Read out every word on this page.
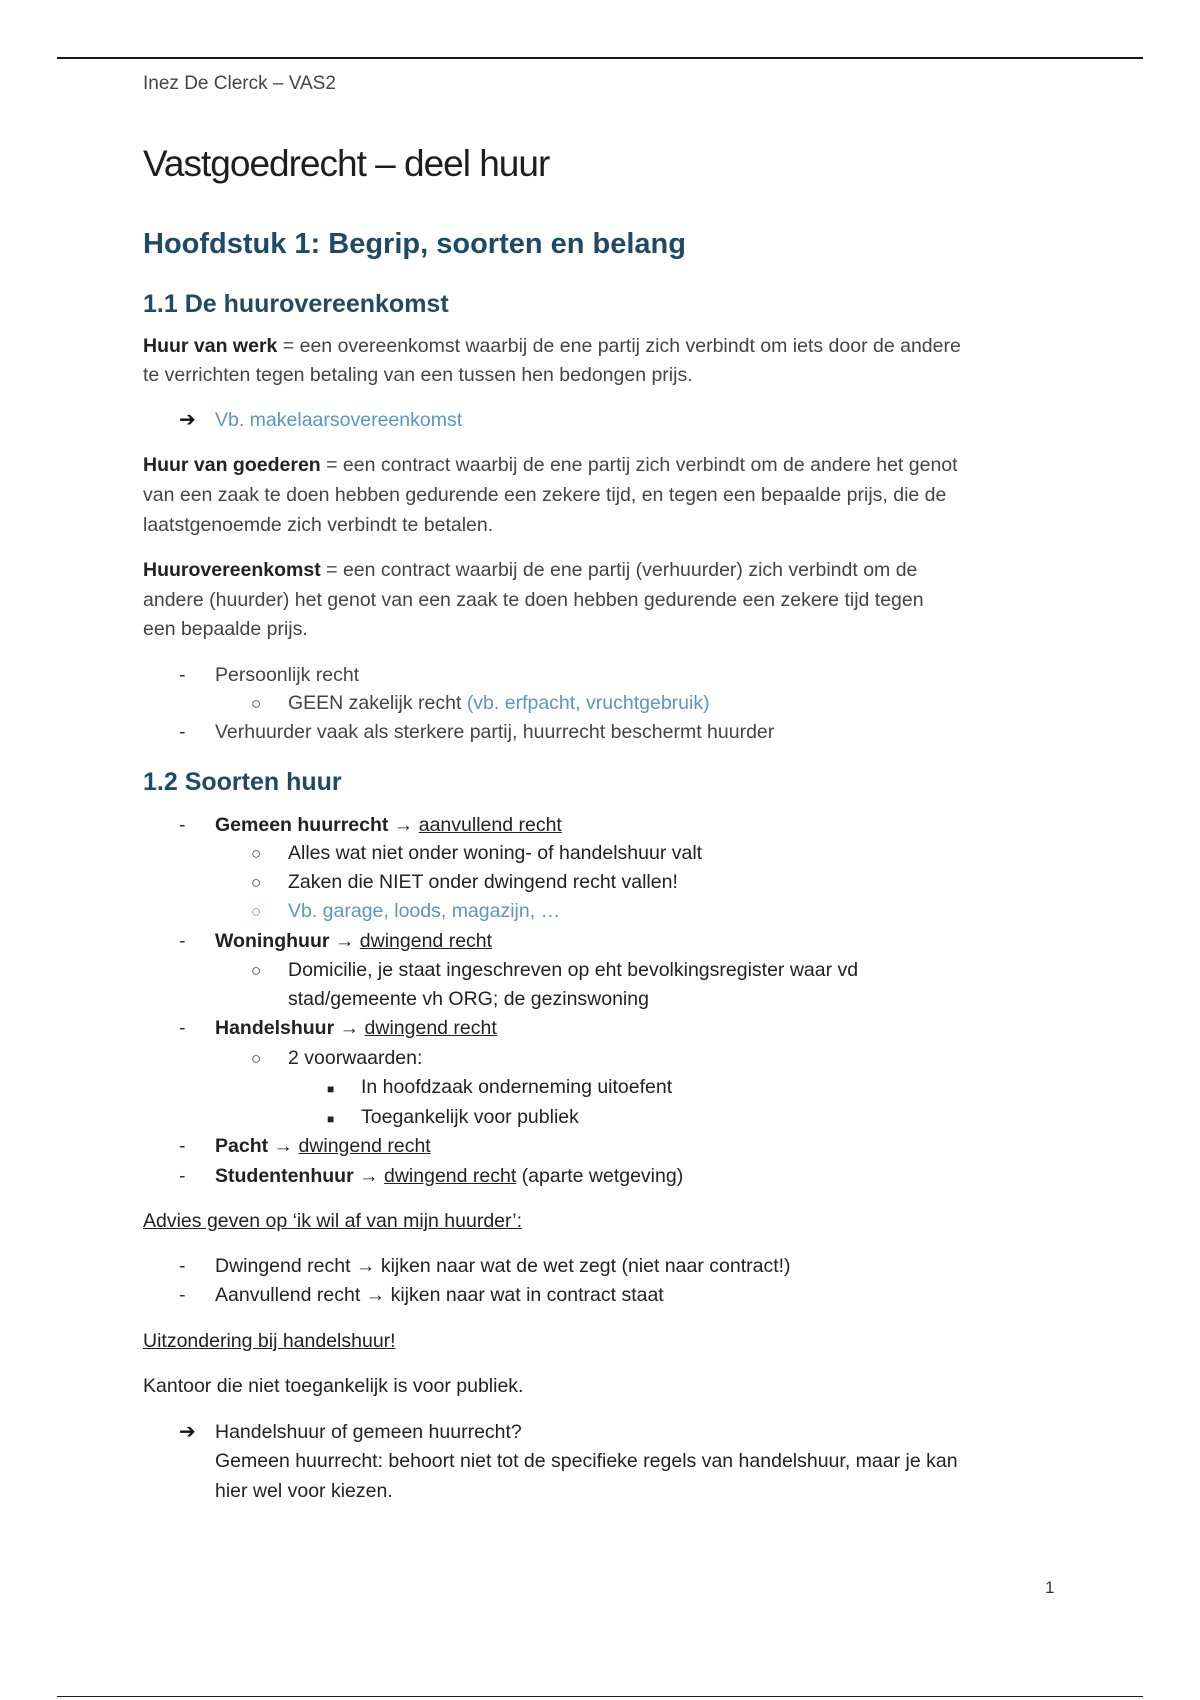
Inez De Clerck – VAS2
Vastgoedrecht – deel huur
Hoofdstuk 1: Begrip, soorten en belang
1.1 De huurovereenkomst
Huur van werk = een overeenkomst waarbij de ene partij zich verbindt om iets door de andere
te verrichten tegen betaling van een tussen hen bedongen prijs.
➔ Vb. makelaarsovereenkomst
Huur van goederen = een contract waarbij de ene partij zich verbindt om de andere het genot
van een zaak te doen hebben gedurende een zekere tijd, en tegen een bepaalde prijs, die de
laatstgenoemde zich verbindt te betalen.
Huurovereenkomst = een contract waarbij de ene partij (verhuurder) zich verbindt om de
andere (huurder) het genot van een zaak te doen hebben gedurende een zekere tijd tegen
een bepaalde prijs.
- Persoonlijk recht
○ GEEN zakelijk recht (vb. erfpacht, vruchtgebruik)
- Verhuurder vaak als sterkere partij, huurrecht beschermt huurder
1.2 Soorten huur
- Gemeen huurrecht → aanvullend recht
○ Alles wat niet onder woning- of handelshuur valt
○ Zaken die NIET onder dwingend recht vallen!
○ Vb. garage, loods, magazijn, …
- Woninghuur → dwingend recht
○ Domicilie, je staat ingeschreven op eht bevolkingsregister waar vd
stad/gemeente vh ORG; de gezinswoning
- Handelshuur → dwingend recht
○ 2 voorwaarden:
■ In hoofdzaak onderneming uitoefent
■ Toegankelijk voor publiek
- Pacht → dwingend recht
- Studentenhuur → dwingend recht (aparte wetgeving)
Advies geven op ‘ik wil af van mijn huurder’:
- Dwingend recht → kijken naar wat de wet zegt (niet naar contract!)
- Aanvullend recht → kijken naar wat in contract staat
Uitzondering bij handelshuur!
Kantoor die niet toegankelijk is voor publiek.
➔ Handelshuur of gemeen huurrecht?
Gemeen huurrecht: behoort niet tot de specifieke regels van handelshuur, maar je kan
hier wel voor kiezen.
1
